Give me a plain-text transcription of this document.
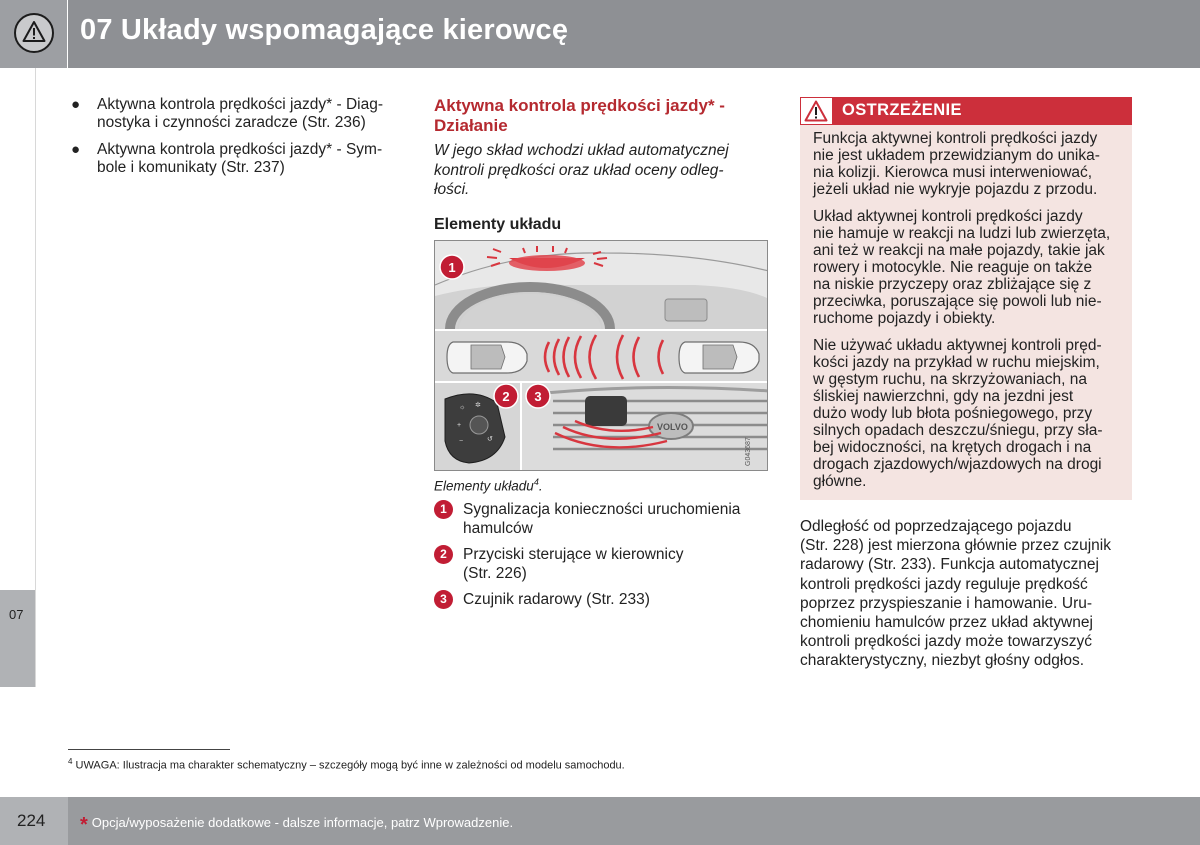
07 Układy wspomagające kierowcę
07
● Aktywna kontrola prędkości jazdy* - Diag-
nostyka i czynności zaradcze (Str. 236)
● Aktywna kontrola prędkości jazdy* - Sym-
bole i komunikaty (Str. 237)
Aktywna kontrola prędkości jazdy* -
Działanie
W jego skład wchodzi układ automatycznej
kontroli prędkości oraz układ oceny odleg-
łości.
Elementy układu
☼ ✲
+
−	↺
VOLVO
G043687
1
2 3
Elementy układu$^4$.
1	Sygnalizacja konieczności uruchomienia
hamulców
2	Przyciski sterujące w kierownicy
(Str. 226)
3	Czujnik radarowy (Str. 233)
OSTRZEŻENIE
Funkcja aktywnej kontroli prędkości jazdy
nie jest układem przewidzianym do unika-
nia kolizji. Kierowca musi interweniować,
jeżeli układ nie wykryje pojazdu z przodu.
Układ aktywnej kontroli prędkości jazdy
nie hamuje w reakcji na ludzi lub zwierzęta,
ani też w reakcji na małe pojazdy, takie jak
rowery i motocykle. Nie reaguje on także
na niskie przyczepy oraz zbliżające się z
przeciwka, poruszające się powoli lub nie-
ruchome pojazdy i obiekty.
Nie używać układu aktywnej kontroli pręd-
kości jazdy na przykład w ruchu miejskim,
w gęstym ruchu, na skrzyżowaniach, na
śliskiej nawierzchni, gdy na jezdni jest
dużo wody lub błota pośniegowego, przy
silnych opadach deszczu/śniegu, przy sła-
bej widoczności, na krętych drogach i na
drogach zjazdowych/wjazdowych na drogi
główne.
Odległość od poprzedzającego pojazdu
(Str. 228) jest mierzona głównie przez czujnik
radarowy (Str. 233). Funkcja automatycznej
kontroli prędkości jazdy reguluje prędkość
poprzez przyspieszanie i hamowanie. Uru-
chomieniu hamulców przez układ aktywnej
kontroli prędkości jazdy może towarzyszyć
charakterystyczny, niezbyt głośny odgłos.
$^4$ UWAGA: Ilustracja ma charakter schematyczny – szczegóły mogą być inne w zależności od modelu samochodu.
224 * Opcja/wyposażenie dodatkowe - dalsze informacje, patrz Wprowadzenie.
